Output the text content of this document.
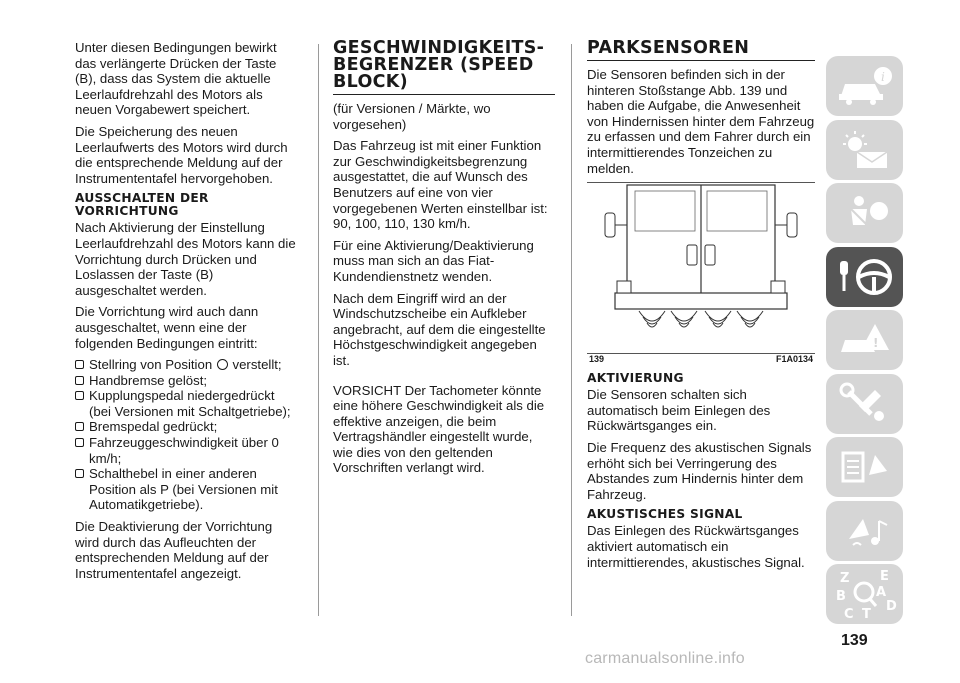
Unter diesen Bedingungen bewirkt das verlängerte Drücken der Taste (B), dass das System die aktuelle Leerlaufdrehzahl des Motors als neuen Vorgabewert speichert.

Die Speicherung des neuen Leerlaufwerts des Motors wird durch die entsprechende Meldung auf der Instrumententafel hervorgehoben.

AUSSCHALTEN DER VORRICHTUNG

Nach Aktivierung der Einstellung Leerlaufdrehzahl des Motors kann die Vorrichtung durch Drücken und Loslassen der Taste (B) ausgeschaltet werden.

Die Vorrichtung wird auch dann ausgeschaltet, wenn eine der folgenden Bedingungen eintritt:

Stellring von Position verstellt;
Handbremse gelöst;
Kupplungspedal niedergedrückt (bei Versionen mit Schaltgetriebe);
Bremspedal gedrückt;
Fahrzeuggeschwindigkeit über 0 km/h;
Schalthebel in einer anderen Position als P (bei Versionen mit Automatikgetriebe).

Die Deaktivierung der Vorrichtung wird durch das Aufleuchten der entsprechenden Meldung auf der Instrumententafel angezeigt.

GESCHWINDIGKEITS-BEGRENZER (SPEED BLOCK)

(für Versionen / Märkte, wo vorgesehen)

Das Fahrzeug ist mit einer Funktion zur Geschwindigkeitsbegrenzung ausgestattet, die auf Wunsch des Benutzers auf eine von vier vorgegebenen Werten einstellbar ist: 90, 100, 110, 130 km/h.

Für eine Aktivierung/Deaktivierung muss man sich an das Fiat-Kundendienstnetz wenden.

Nach dem Eingriff wird an der Windschutzscheibe ein Aufkleber angebracht, auf dem die eingestellte Höchstgeschwindigkeit angegeben ist.

VORSICHT Der Tachometer könnte eine höhere Geschwindigkeit als die effektive anzeigen, die beim Vertragshändler eingestellt wurde, wie dies von den geltenden Vorschriften verlangt wird.

PARKSENSOREN

Die Sensoren befinden sich in der hinteren Stoßstange Abb. 139 und haben die Aufgabe, die Anwesenheit von Hindernissen hinter dem Fahrzeug zu erfassen und dem Fahrer durch ein intermittierendes Tonzeichen zu melden.

139	F1A0134
AKTIVIERUNG

Die Sensoren schalten sich automatisch beim Einlegen des Rückwärtsganges ein.

Die Frequenz des akustischen Signals erhöht sich bei Verringerung des Abstandes zum Hindernis hinter dem Fahrzeug.

AKUSTISCHES SIGNAL

Das Einlegen des Rückwärtsganges aktiviert automatisch ein intermittierendes, akustisches Signal.

i
!
Z E
B A
C T
D
139
carmanualsonline.info
